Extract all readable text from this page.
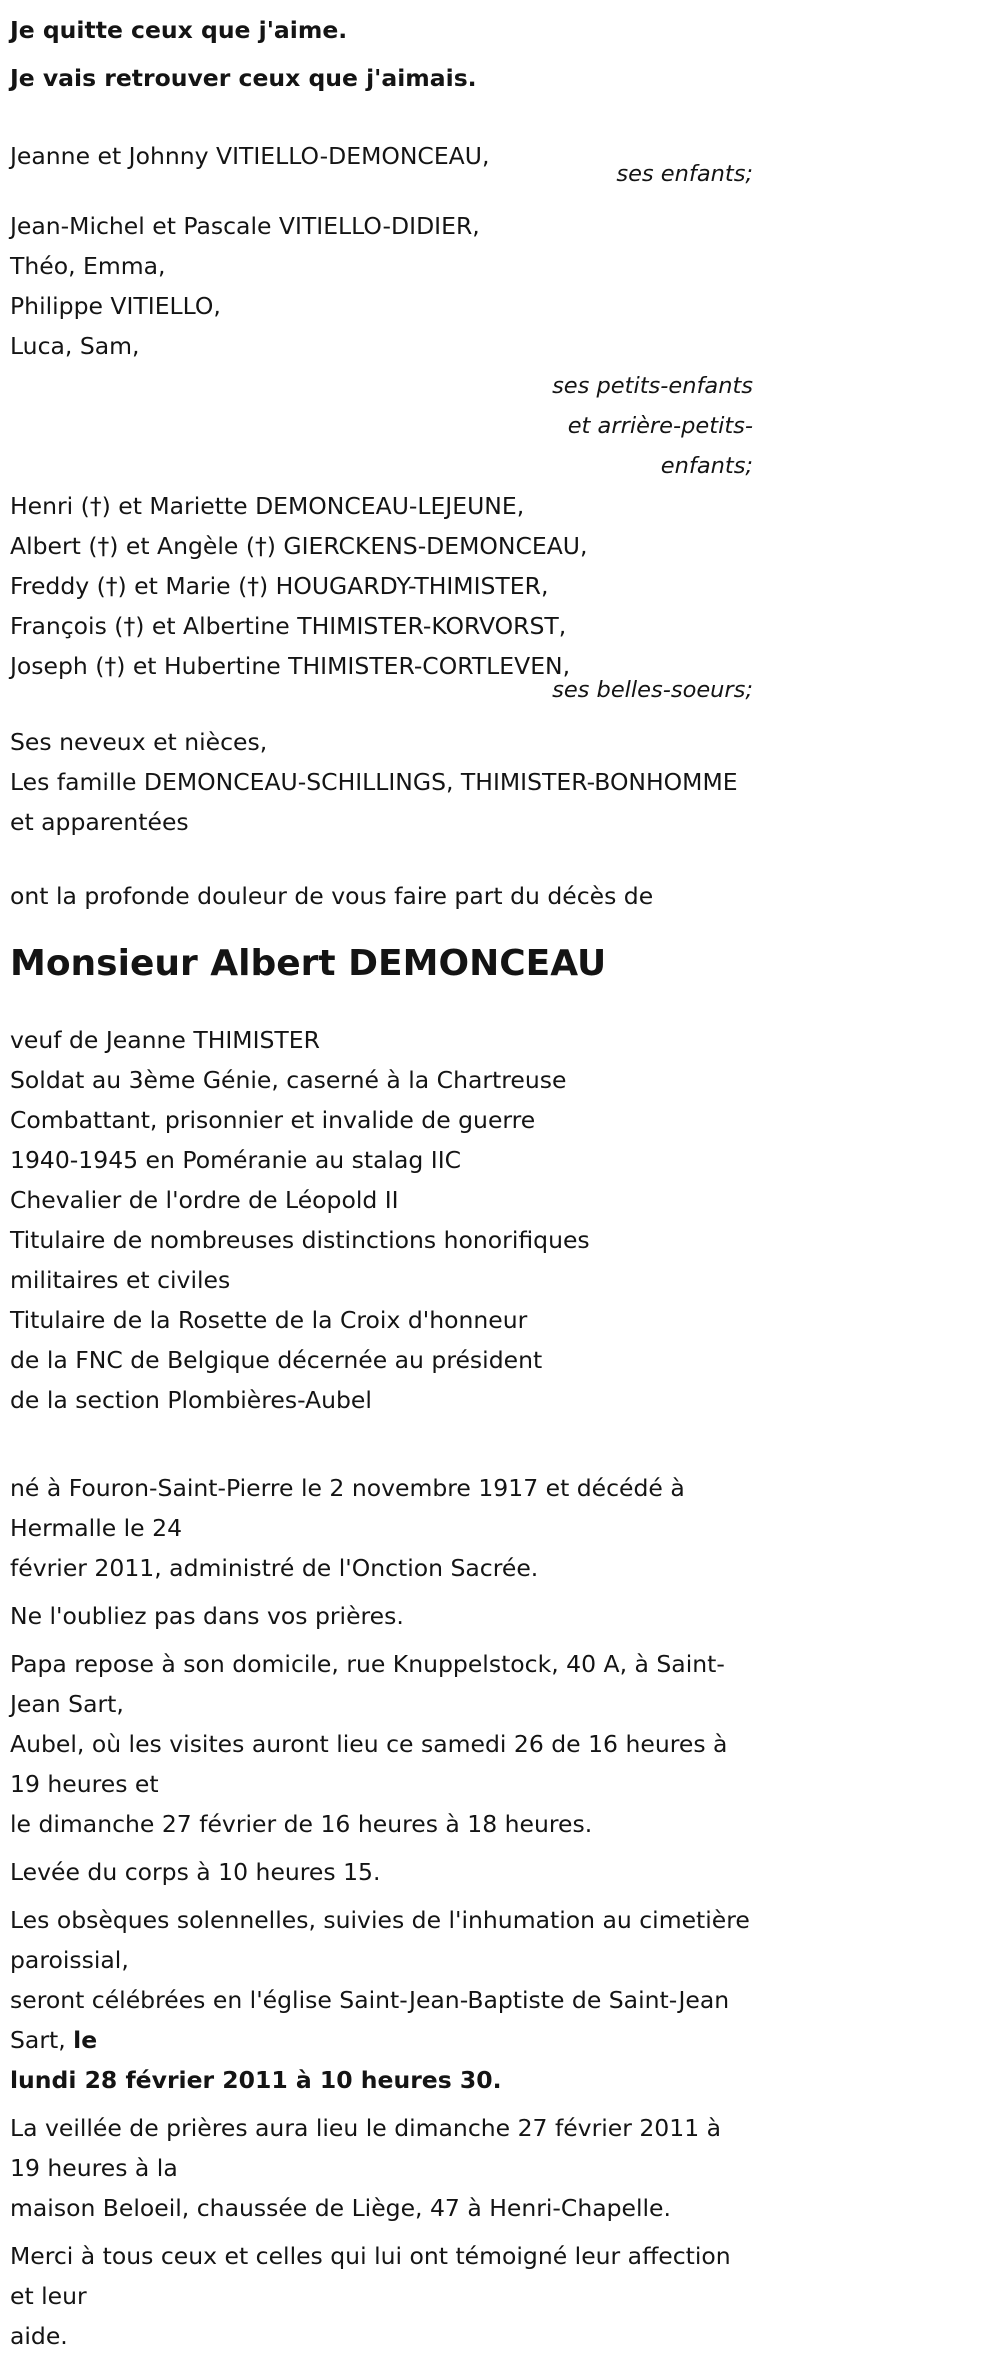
Je quitte ceux que j'aime.
Je vais retrouver ceux que j'aimais.
Jeanne et Johnny VITIELLO-DEMONCEAU,
ses enfants;
Jean-Michel et Pascale VITIELLO-DIDIER,
Théo, Emma,
Philippe VITIELLO,
Luca, Sam,
ses petits-enfants
et arrière-petits-
enfants;
Henri (†) et Mariette DEMONCEAU-LEJEUNE,
Albert (†) et Angèle (†) GIERCKENS-DEMONCEAU,
Freddy (†) et Marie (†) HOUGARDY-THIMISTER,
François (†) et Albertine THIMISTER-KORVORST,
Joseph (†) et Hubertine THIMISTER-CORTLEVEN,
ses belles-soeurs;
Ses neveux et nièces,
Les famille DEMONCEAU-SCHILLINGS, THIMISTER-BONHOMME
et apparentées
ont la profonde douleur de vous faire part du décès de
Monsieur Albert DEMONCEAU
veuf de Jeanne THIMISTER
Soldat au 3ème Génie, caserné à la Chartreuse
Combattant, prisonnier et invalide de guerre
1940-1945 en Poméranie au stalag IIC
Chevalier de l'ordre de Léopold II
Titulaire de nombreuses distinctions honorifiques
militaires et civiles
Titulaire de la Rosette de la Croix d'honneur
de la FNC de Belgique décernée au président
de la section Plombières-Aubel
né à Fouron-Saint-Pierre le 2 novembre 1917 et décédé à Hermalle le 24
février 2011, administré de l'Onction Sacrée.
Ne l'oubliez pas dans vos prières.
Papa repose à son domicile, rue Knuppelstock, 40 A, à Saint-Jean Sart,
Aubel, où les visites auront lieu ce samedi 26 de 16 heures à 19 heures et
le dimanche 27 février de 16 heures à 18 heures.
Levée du corps à 10 heures 15.
Les obsèques solennelles, suivies de l'inhumation au cimetière paroissial,
seront célébrées en l'église Saint-Jean-Baptiste de Saint-Jean Sart, le
lundi 28 février 2011 à 10 heures 30.
La veillée de prières aura lieu le dimanche 27 février 2011 à 19 heures à la
maison Beloeil, chaussée de Liège, 47 à Henri-Chapelle.
Merci à tous ceux et celles qui lui ont témoigné leur affection et leur
aide.
